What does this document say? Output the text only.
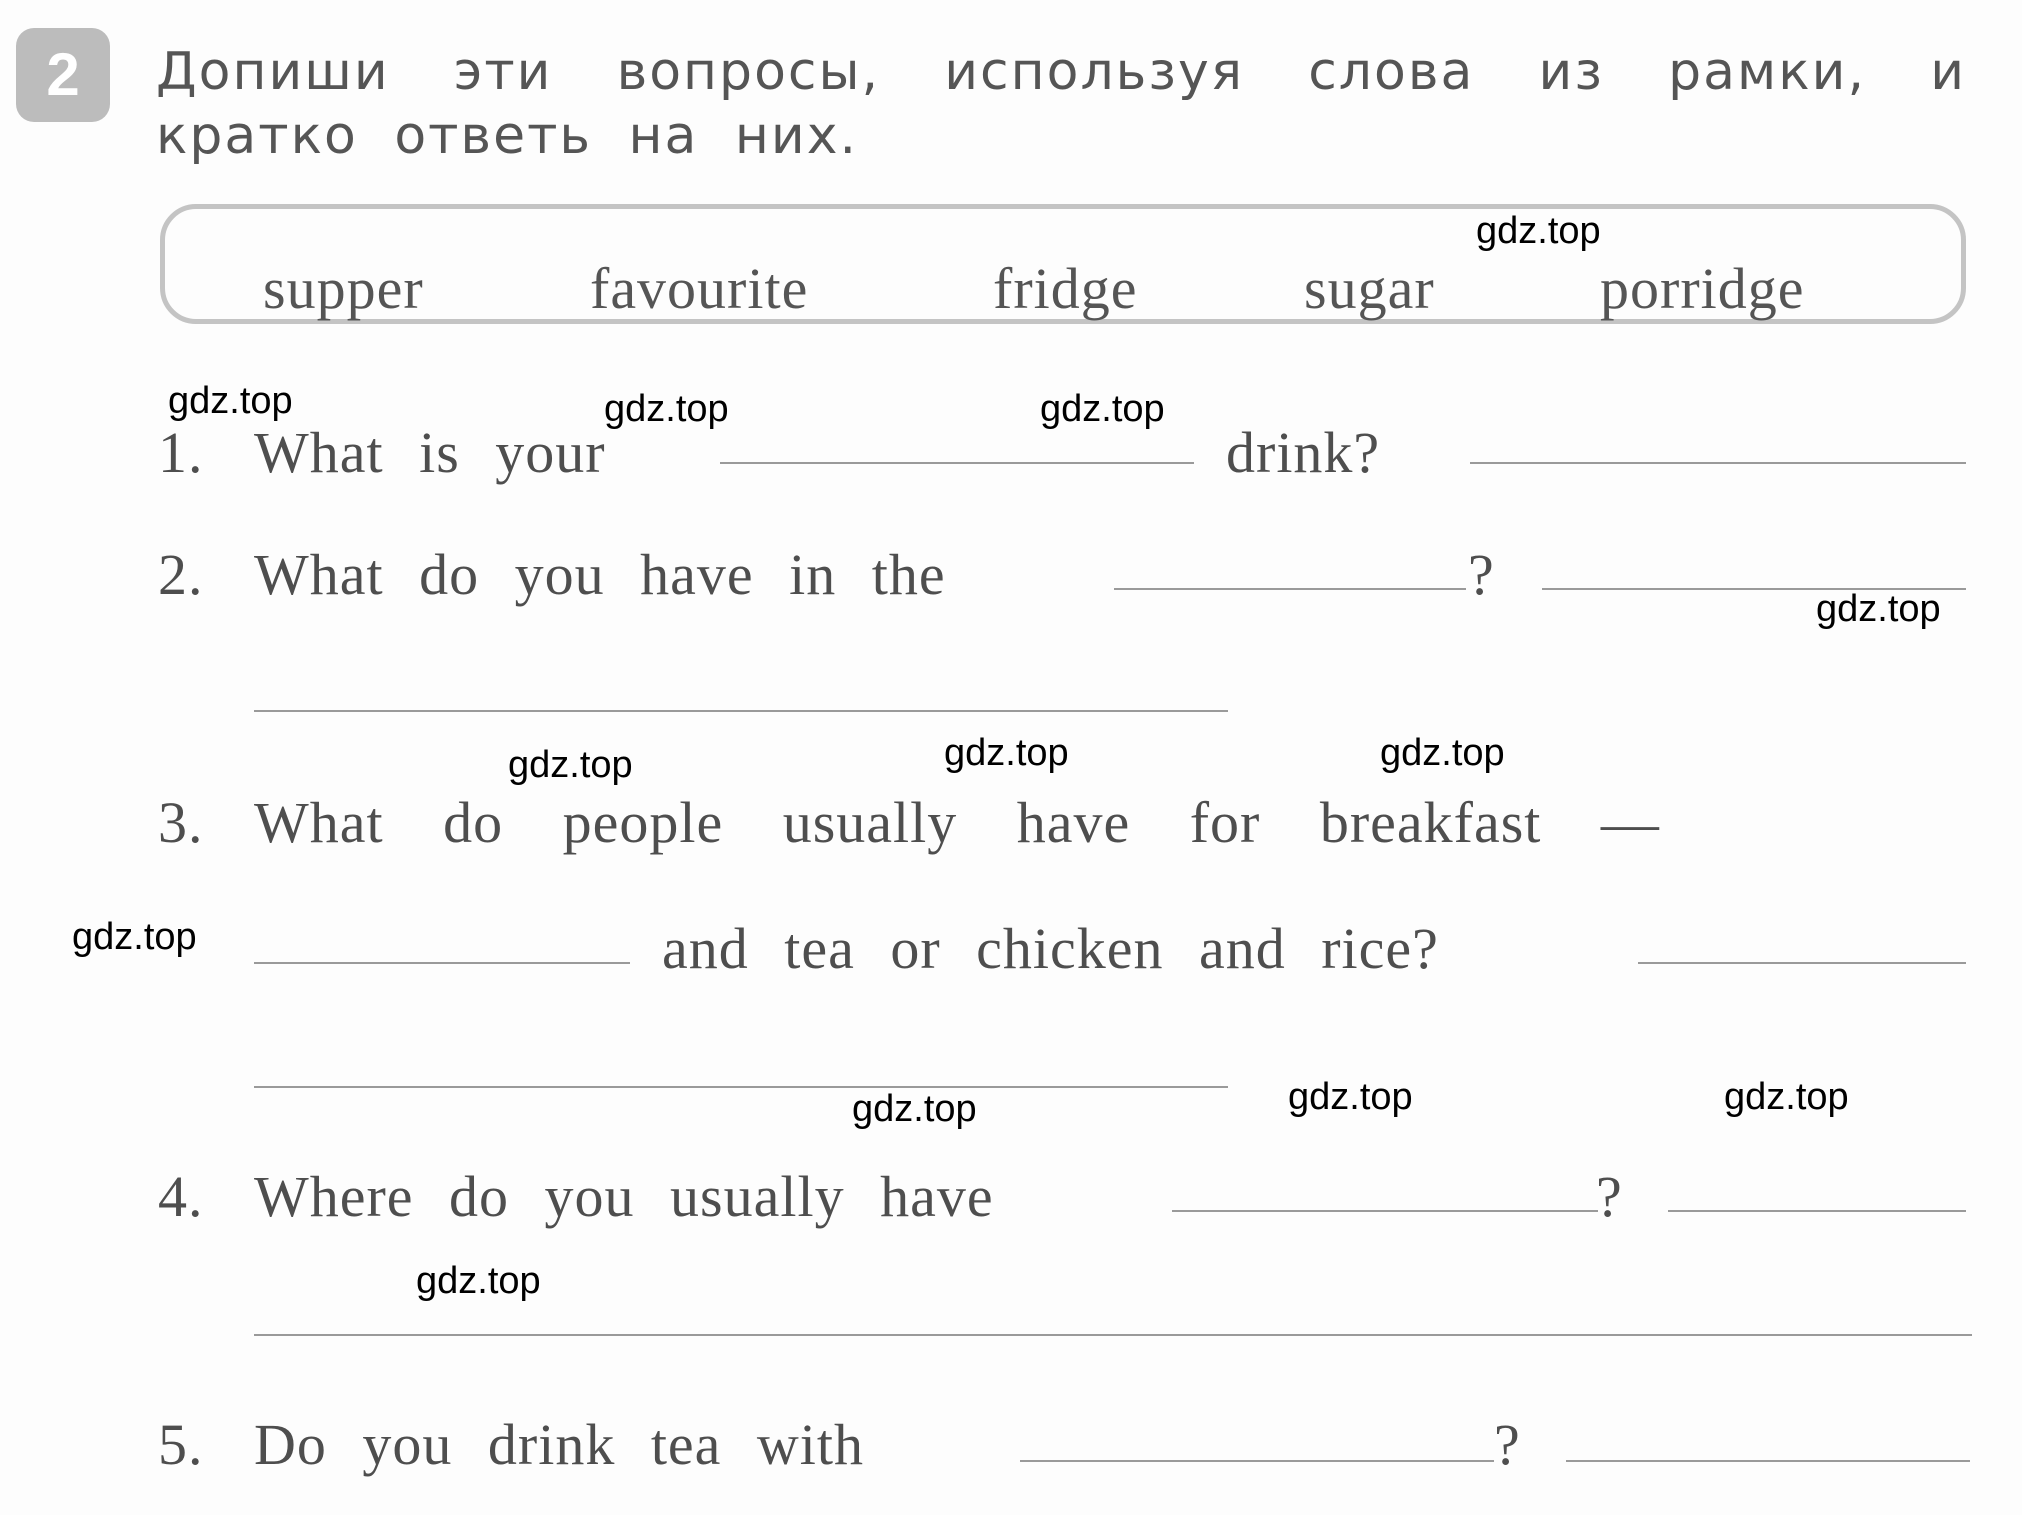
2	Допиши эти вопросы, используя слова из рамки, и кратко ответь на них.
supper	favourite	fridge	sugar	porridge
1. What is your	drink?
2. What do you have in the	?
3. What do people usually have for breakfast —
and tea or chicken and rice?
4. Where do you usually have	?
5. Do you drink tea with	?
gdz.top
gdz.top	gdz.top	gdz.top
gdz.top
gdz.top	gdz.top	gdz.top
gdz.top
gdz.top	gdz.top	gdz.top
gdz.top
